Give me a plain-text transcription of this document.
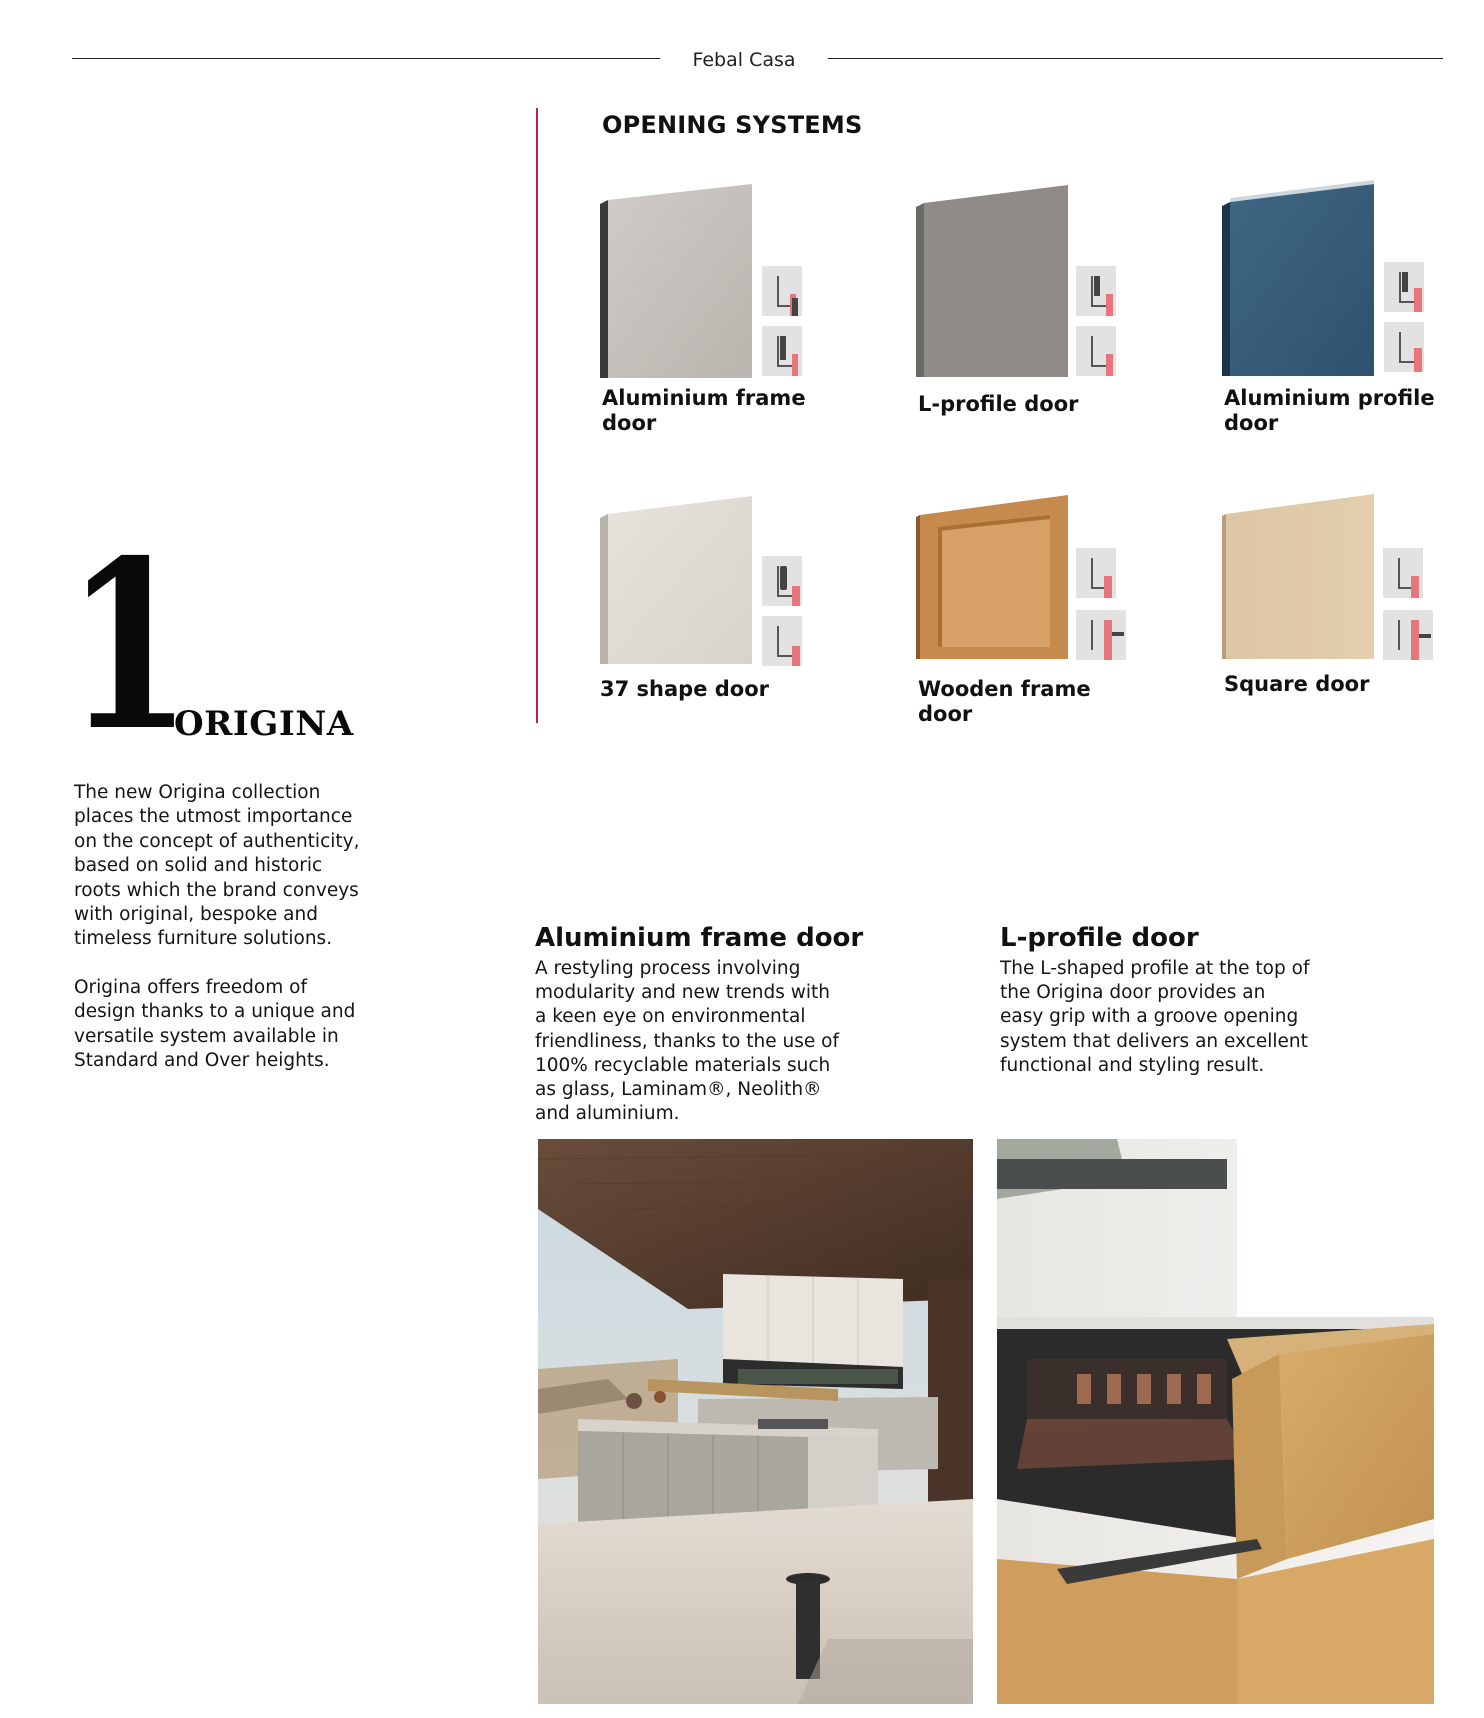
Febal Casa
1
ORIGINA

The new Origina collection places the utmost importance on the concept of authenticity, based on solid and historic roots which the brand conveys with original, bespoke and timeless furniture solutions.

Origina offers freedom of design thanks to a unique and versatile system available in Standard and Over heights.

OPENING SYSTEMS
Aluminium frame door
L-profile door	Aluminium profile door
37 shape door	Wooden frame door
Square door
Aluminium frame door
A restyling process involving modularity and new trends with a keen eye on environmental friendliness, thanks to the use of 100% recyclable materials such as glass, Laminam®, Neolith® and aluminium.
L-profile door
The L-shaped profile at the top of the Origina door provides an easy grip with a groove opening system that delivers an excellent functional and styling result.
